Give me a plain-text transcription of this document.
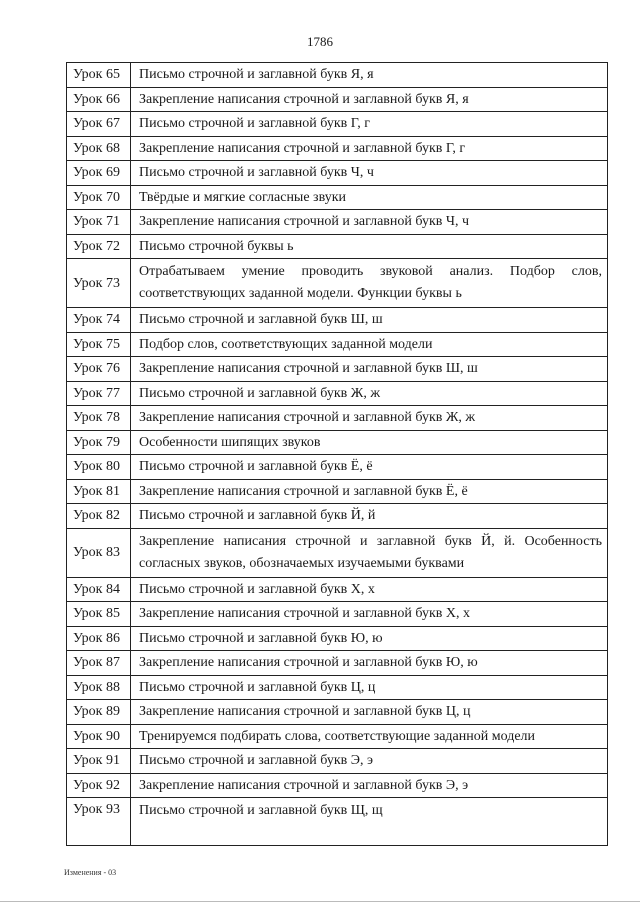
1786
Урок 65	Письмо строчной и заглавной букв Я, я
Урок 66	Закрепление написания строчной и заглавной букв Я, я
Урок 67	Письмо строчной и заглавной букв Г, г
Урок 68	Закрепление написания строчной и заглавной букв Г, г
Урок 69	Письмо строчной и заглавной букв Ч, ч
Урок 70	Твёрдые и мягкие согласные звуки
Урок 71	Закрепление написания строчной и заглавной букв Ч, ч
Урок 72	Письмо строчной буквы ь
Урок 73	Отрабатываем умение проводить звуковой анализ. Подбор слов, соответствующих заданной модели. Функции буквы ь
Урок 74	Письмо строчной и заглавной букв Ш, ш
Урок 75	Подбор слов, соответствующих заданной модели
Урок 76	Закрепление написания строчной и заглавной букв Ш, ш
Урок 77	Письмо строчной и заглавной букв Ж, ж
Урок 78	Закрепление написания строчной и заглавной букв Ж, ж
Урок 79	Особенности шипящих звуков
Урок 80	Письмо строчной и заглавной букв Ё, ё
Урок 81	Закрепление написания строчной и заглавной букв Ё, ё
Урок 82	Письмо строчной и заглавной букв Й, й
Урок 83	Закрепление написания строчной и заглавной букв Й, й. Особенность согласных звуков, обозначаемых изучаемыми буквами
Урок 84	Письмо строчной и заглавной букв Х, х
Урок 85	Закрепление написания строчной и заглавной букв Х, х
Урок 86	Письмо строчной и заглавной букв Ю, ю
Урок 87	Закрепление написания строчной и заглавной букв Ю, ю
Урок 88	Письмо строчной и заглавной букв Ц, ц
Урок 89	Закрепление написания строчной и заглавной букв Ц, ц
Урок 90	Тренируемся подбирать слова, соответствующие заданной модели
Урок 91	Письмо строчной и заглавной букв Э, э
Урок 92	Закрепление написания строчной и заглавной букв Э, э
Урок 93	Письмо строчной и заглавной букв Щ, щ
Изменения - 03
